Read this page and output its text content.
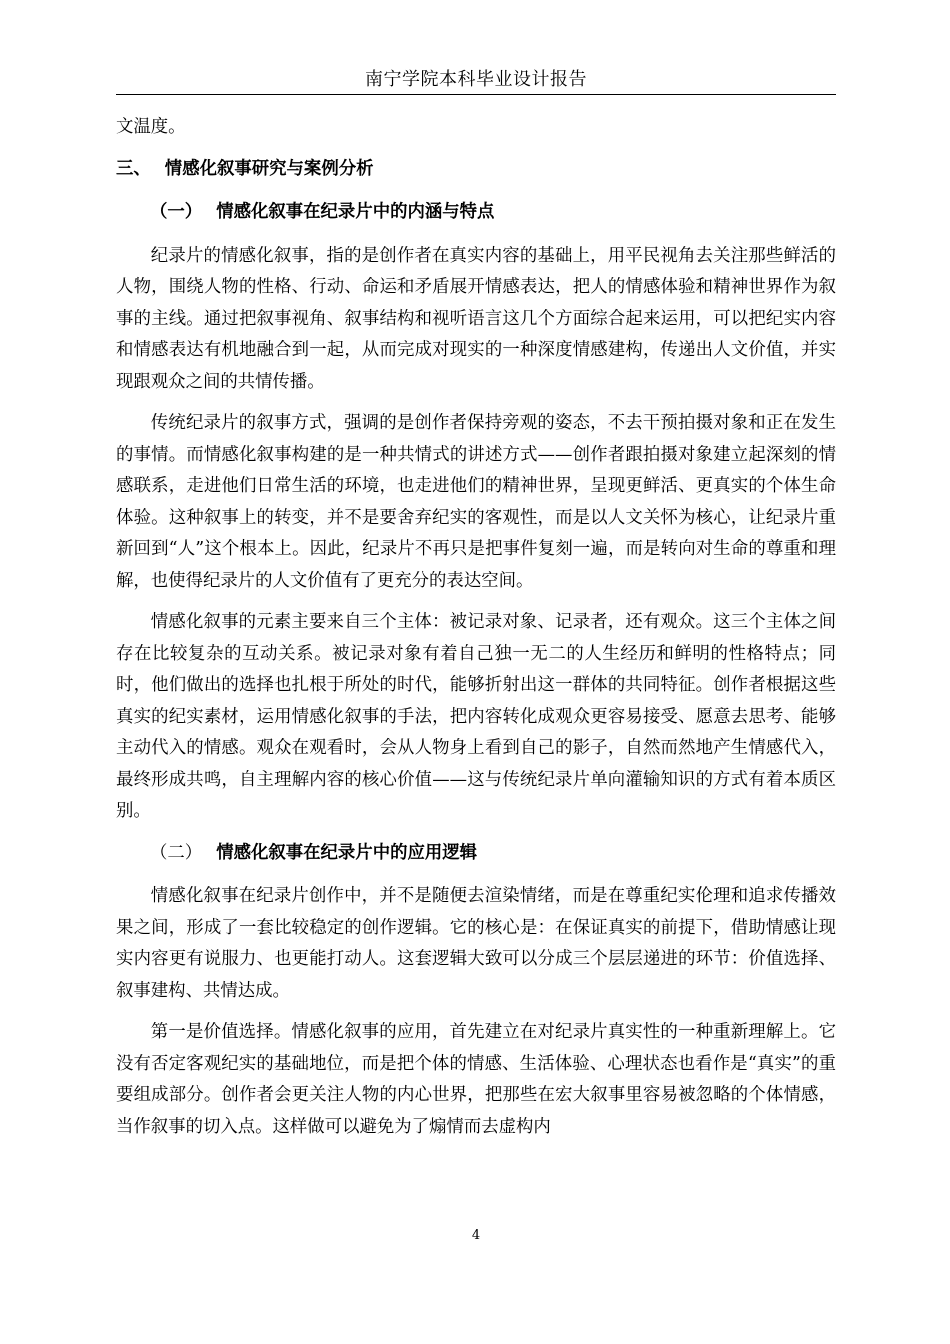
南宁学院本科毕业设计报告

文温度。

三、 情感化叙事研究与案例分析
（一） 情感化叙事在纪录片中的内涵与特点

纪录片的情感化叙事，指的是创作者在真实内容的基础上，用平民视角去关注那些鲜活的人物，围绕人物的性格、行动、命运和矛盾展开情感表达，把人的情感体验和精神世界作为叙事的主线。通过把叙事视角、叙事结构和视听语言这几个方面综合起来运用，可以把纪实内容和情感表达有机地融合到一起，从而完成对现实的一种深度情感建构，传递出人文价值，并实现跟观众之间的共情传播。

传统纪录片的叙事方式，强调的是创作者保持旁观的姿态，不去干预拍摄对象和正在发生的事情。而情感化叙事构建的是一种共情式的讲述方式——创作者跟拍摄对象建立起深刻的情感联系，走进他们日常生活的环境，也走进他们的精神世界，呈现更鲜活、更真实的个体生命体验。这种叙事上的转变，并不是要舍弃纪实的客观性，而是以人文关怀为核心，让纪录片重新回到“人”这个根本上。因此，纪录片不再只是把事件复刻一遍，而是转向对生命的尊重和理解，也使得纪录片的人文价值有了更充分的表达空间。

情感化叙事的元素主要来自三个主体：被记录对象、记录者，还有观众。这三个主体之间存在比较复杂的互动关系。被记录对象有着自己独一无二的人生经历和鲜明的性格特点；同时，他们做出的选择也扎根于所处的时代，能够折射出这一群体的共同特征。创作者根据这些真实的纪实素材，运用情感化叙事的手法，把内容转化成观众更容易接受、愿意去思考、能够主动代入的情感。观众在观看时，会从人物身上看到自己的影子，自然而然地产生情感代入，最终形成共鸣，自主理解内容的核心价值——这与传统纪录片单向灌输知识的方式有着本质区别。

（二） 情感化叙事在纪录片中的应用逻辑

情感化叙事在纪录片创作中，并不是随便去渲染情绪，而是在尊重纪实伦理和追求传播效果之间，形成了一套比较稳定的创作逻辑。它的核心是：在保证真实的前提下，借助情感让现实内容更有说服力、也更能打动人。这套逻辑大致可以分成三个层层递进的环节：价值选择、叙事建构、共情达成。

第一是价值选择。情感化叙事的应用，首先建立在对纪录片真实性的一种重新理解上。它没有否定客观纪实的基础地位，而是把个体的情感、生活体验、心理状态也看作是“真实”的重要组成部分。创作者会更关注人物的内心世界，把那些在宏大叙事里容易被忽略的个体情感，当作叙事的切入点。这样做可以避免为了煽情而去虚构内

4
